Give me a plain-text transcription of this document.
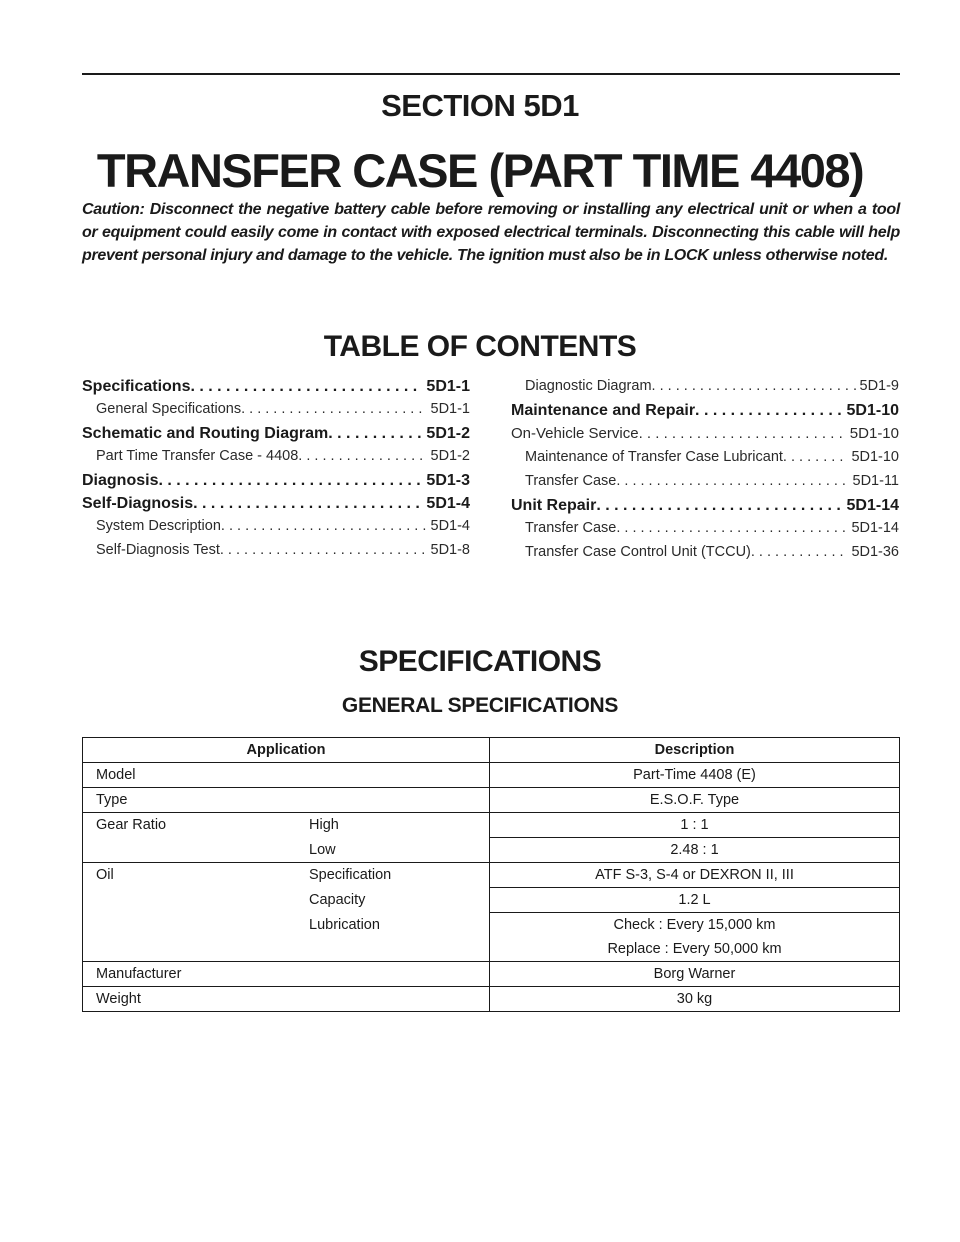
SECTION 5D1
TRANSFER CASE (PART TIME 4408)
Caution: Disconnect the negative battery cable before removing or installing any electrical unit or when a tool or equipment could easily come in contact with exposed electrical terminals. Disconnecting this cable will help prevent personal injury and damage to the vehicle. The ignition must also be in LOCK unless otherwise noted.
TABLE OF CONTENTS
Specifications . . .	5D1-1
General Specifications . . .	5D1-1
Schematic and Routing Diagram . . .	5D1-2
Part Time Transfer Case - 4408 . . .	5D1-2
Diagnosis . . .	5D1-3
Self-Diagnosis . . .	5D1-4
System Description . . .	5D1-4
Self-Diagnosis Test . . .	5D1-8
Diagnostic Diagram . . .	5D1-9
Maintenance and Repair . . .	5D1-10
On-Vehicle Service . . .	5D1-10
Maintenance of Transfer Case Lubricant . . .	5D1-10
Transfer Case . . .	5D1-11
Unit Repair . . .	5D1-14
Transfer Case . . .	5D1-14
Transfer Case Control Unit (TCCU) . . .	5D1-36
SPECIFICATIONS
GENERAL SPECIFICATIONS
Application		Description
Model		Part-Time 4408 (E)
Type		E.S.O.F. Type
Gear Ratio	High	1 : 1
	Low	2.48 : 1
Oil	Specification	ATF S-3, S-4 or DEXRON II, III
	Capacity	1.2 L
	Lubrication	Check : Every 15,000 km
		Replace : Every 50,000 km
Manufacturer		Borg Warner
Weight		30 kg
